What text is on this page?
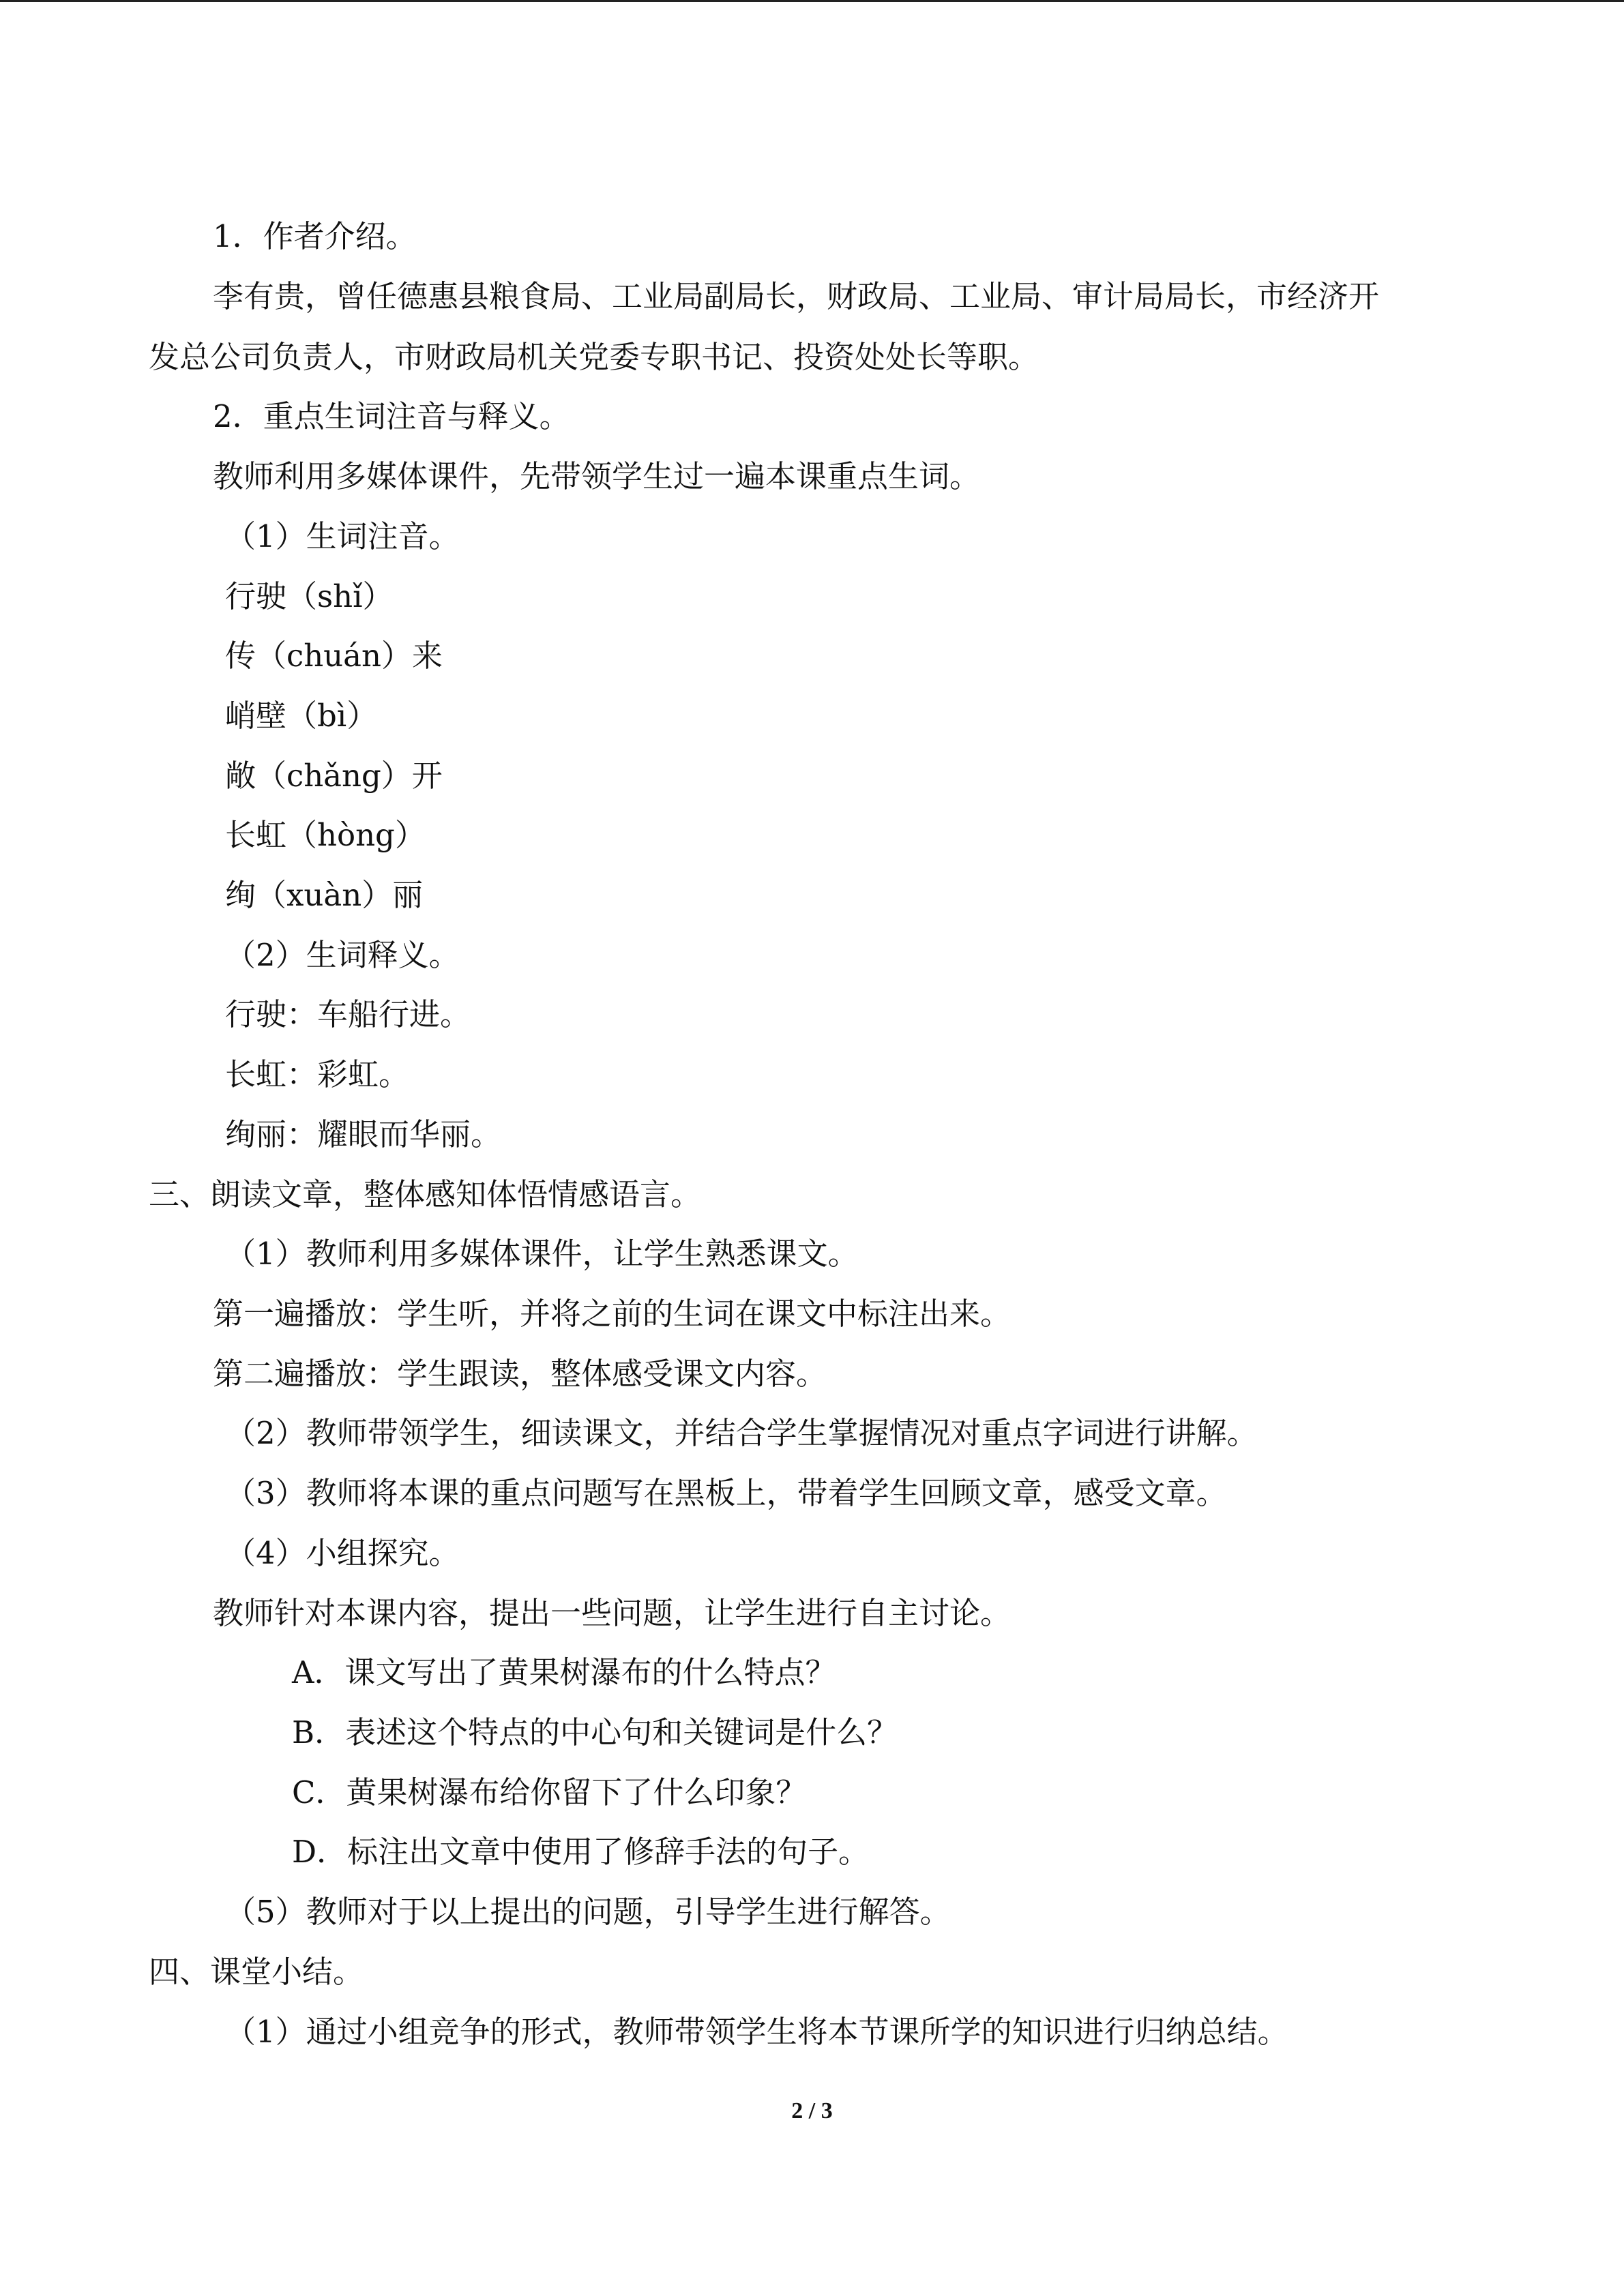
1．作者介绍。
李有贵，曾任德惠县粮食局、工业局副局长，财政局、工业局、审计局局长，市经济开
发总公司负责人，市财政局机关党委专职书记、投资处处长等职。
2．重点生词注音与释义。
教师利用多媒体课件，先带领学生过一遍本课重点生词。
（1）生词注音。
行驶（shǐ）
传（chuán）来
峭壁（bì）
敞（chǎng）开
长虹（hòng）
绚（xuàn）丽
（2）生词释义。
行驶：车船行进。
长虹：彩虹。
绚丽：耀眼而华丽。
三、朗读文章，整体感知体悟情感语言。
（1）教师利用多媒体课件，让学生熟悉课文。
第一遍播放：学生听，并将之前的生词在课文中标注出来。
第二遍播放：学生跟读，整体感受课文内容。
（2）教师带领学生，细读课文，并结合学生掌握情况对重点字词进行讲解。
（3）教师将本课的重点问题写在黑板上，带着学生回顾文章，感受文章。
（4）小组探究。
教师针对本课内容，提出一些问题，让学生进行自主讨论。
A．课文写出了黄果树瀑布的什么特点？
B．表述这个特点的中心句和关键词是什么？
C．黄果树瀑布给你留下了什么印象？
D．标注出文章中使用了修辞手法的句子。
（5）教师对于以上提出的问题，引导学生进行解答。
四、课堂小结。
（1）通过小组竞争的形式，教师带领学生将本节课所学的知识进行归纳总结。
2 / 3
